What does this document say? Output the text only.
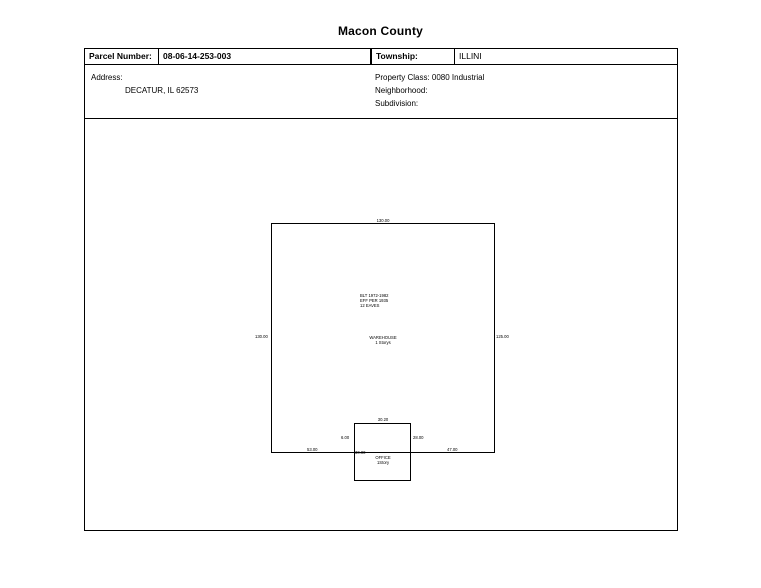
Macon County
Parcel Number:	08-06-14-253-003	Township:	ILLINI
Address:
DECATUR, IL 62573
Property Class: 0080 Industrial
Neighborhood:
Subdivision:
130.00
130.00	125.00
BLT 1972-1982
EFF PER 1935
12 EAVES
WAREHOUSE
1 Storys
30.20
6.00	28.00
30.00
OFFICE
1Story
53.00	47.00
